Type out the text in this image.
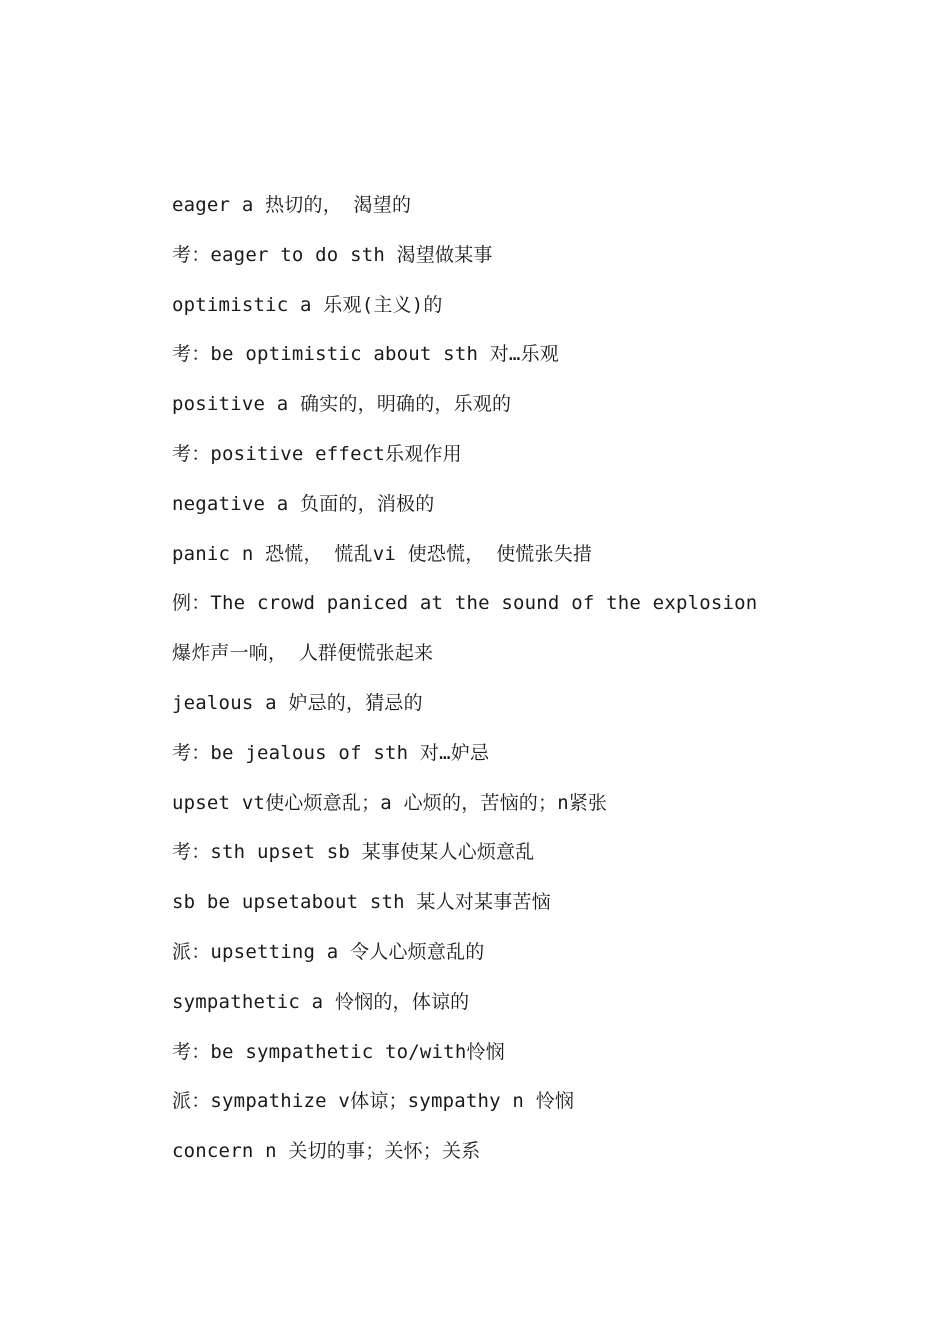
eager a 热切的， 渴望的
考：eager to do sth 渴望做某事
optimistic a 乐观(主义)的
考：be optimistic about sth 对…乐观
positive a 确实的，明确的，乐观的
考：positive effect乐观作用
negative a 负面的，消极的
panic n 恐慌， 慌乱vi 使恐慌， 使慌张失措
例：The crowd paniced at the sound of the explosion
爆炸声一响， 人群便慌张起来
jealous a 妒忌的，猜忌的
考：be jealous of sth 对…妒忌
upset vt使心烦意乱；a 心烦的，苦恼的；n紧张
考：sth upset sb 某事使某人心烦意乱
sb be upsetabout sth 某人对某事苦恼
派：upsetting a 令人心烦意乱的
sympathetic a 怜悯的，体谅的
考：be sympathetic to/with怜悯
派：sympathize v体谅；sympathy n 怜悯
concern n 关切的事；关怀；关系
